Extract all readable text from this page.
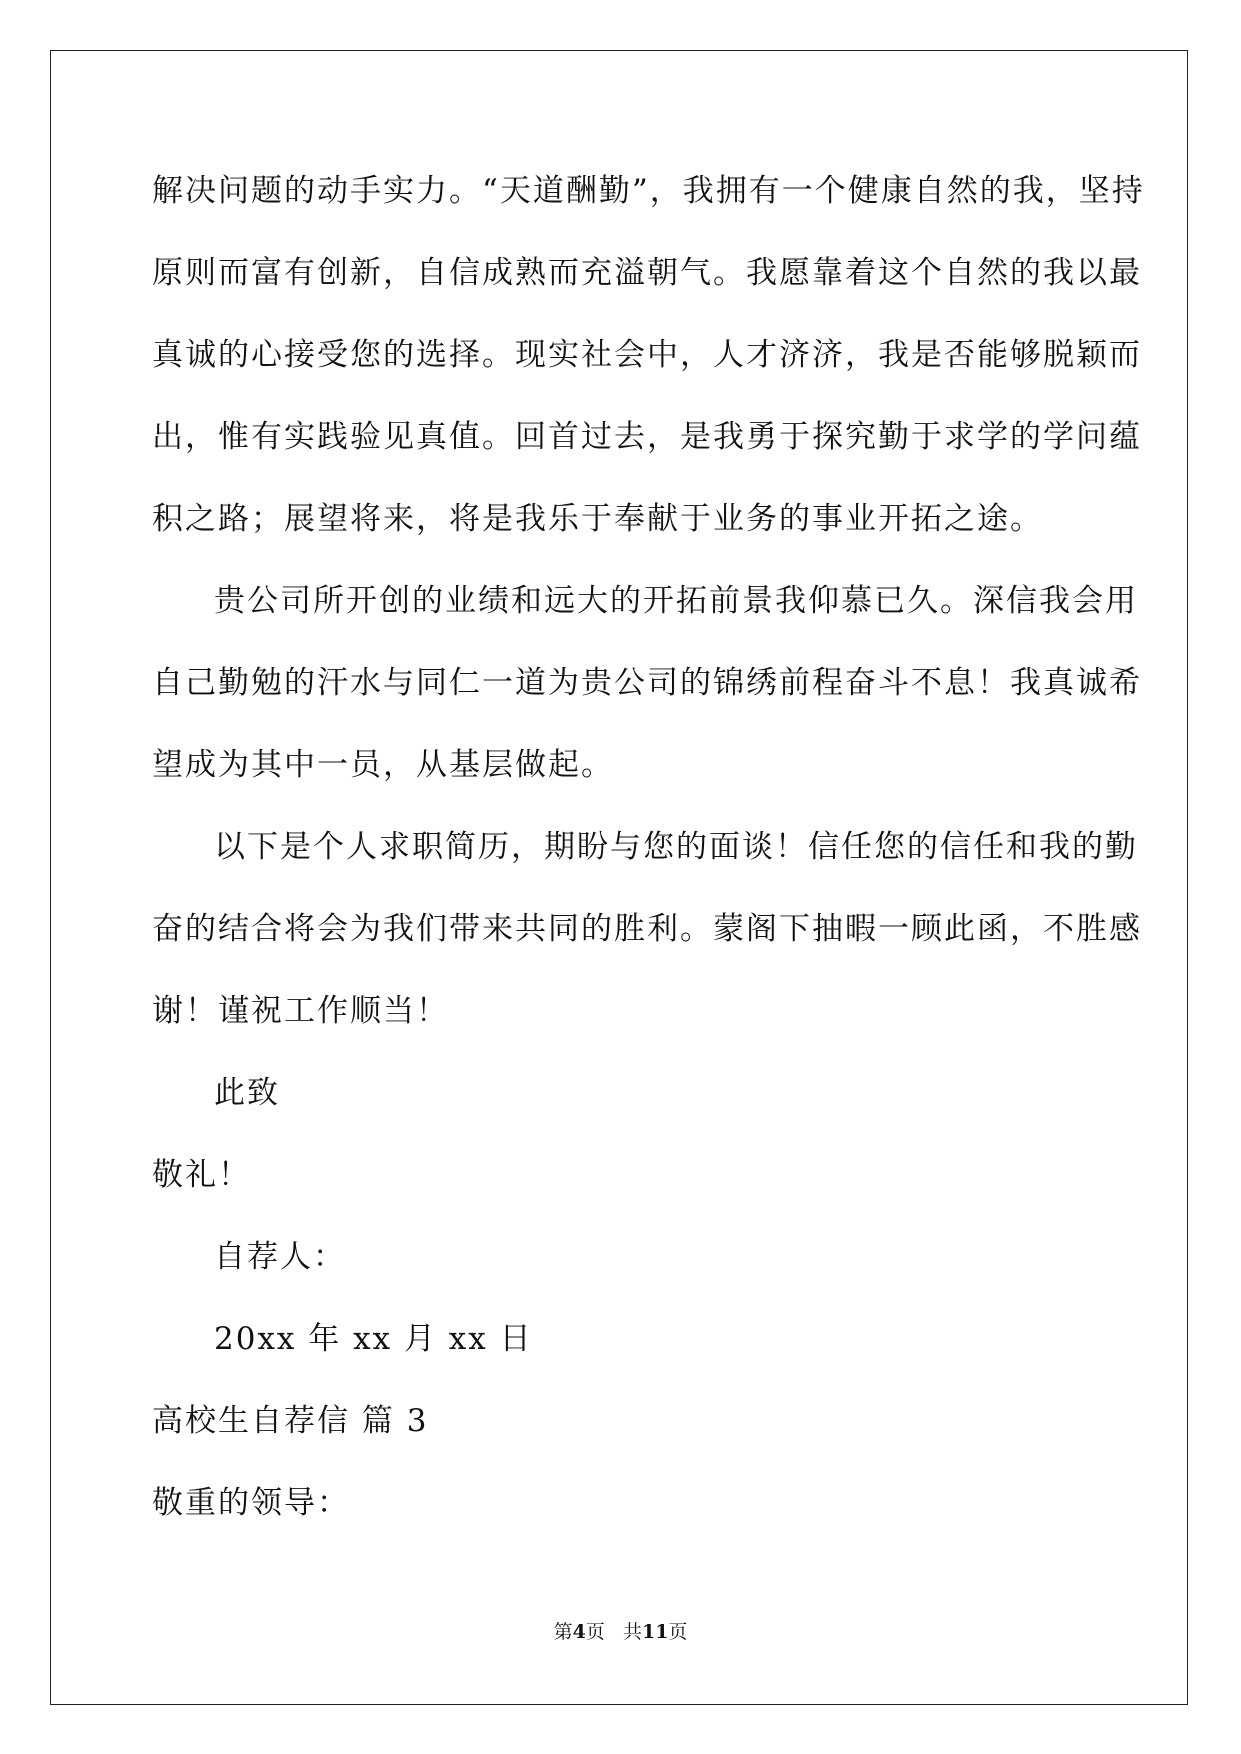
解决问题的动手实力。“天道酬勤”，我拥有一个健康自然的我，坚持
原则而富有创新，自信成熟而充溢朝气。我愿靠着这个自然的我以最
真诚的心接受您的选择。现实社会中，人才济济，我是否能够脱颖而
出，惟有实践验见真值。回首过去，是我勇于探究勤于求学的学问蕴
积之路；展望将来，将是我乐于奉献于业务的事业开拓之途。
贵公司所开创的业绩和远大的开拓前景我仰慕已久。深信我会用
自己勤勉的汗水与同仁一道为贵公司的锦绣前程奋斗不息！我真诚希
望成为其中一员，从基层做起。
以下是个人求职简历，期盼与您的面谈！信任您的信任和我的勤
奋的结合将会为我们带来共同的胜利。蒙阁下抽暇一顾此函，不胜感
谢！谨祝工作顺当！
此致
敬礼！
自荐人：
20xx 年 xx 月 xx 日
高校生自荐信 篇 3
敬重的领导：
第4页 共11页
